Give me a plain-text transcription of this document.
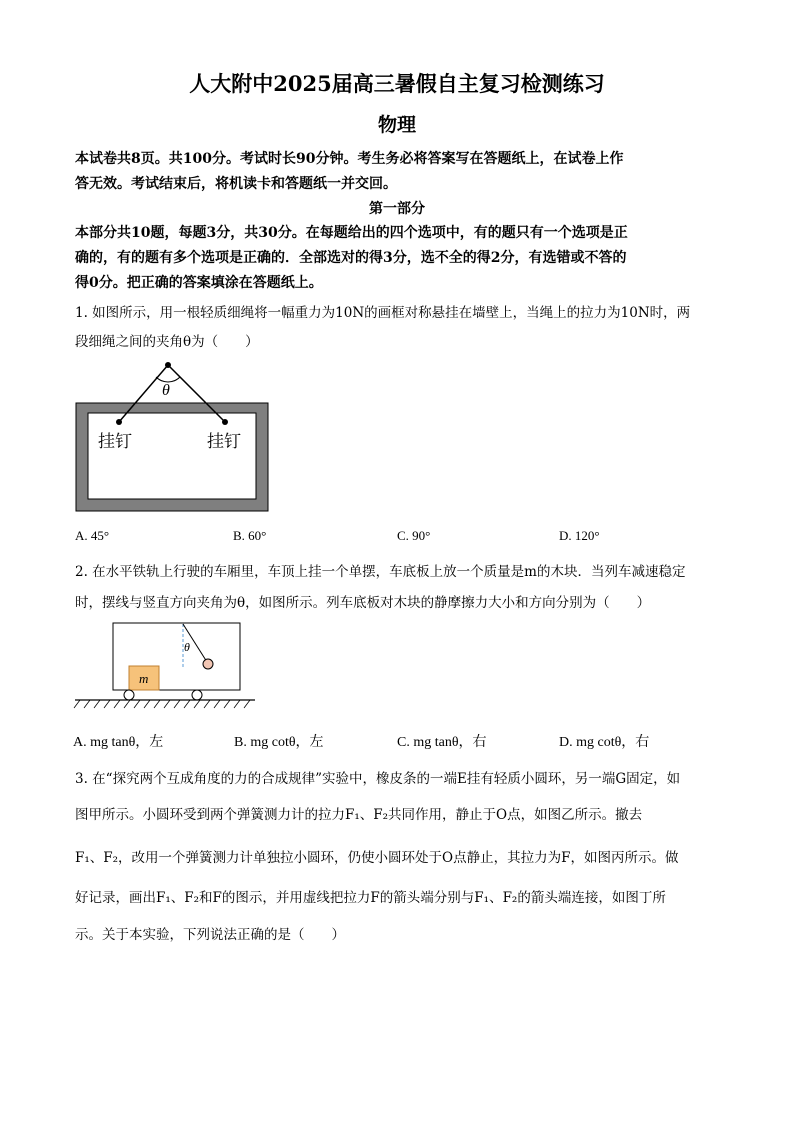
人大附中2025届高三暑假自主复习检测练习
物理
本试卷共8页。共100分。考试时长90分钟。考生务必将答案写在答题纸上，在试卷上作
答无效。考试结束后，将机读卡和答题纸一并交回。
第一部分
本部分共10题，每题3分，共30分。在每题给出的四个选项中，有的题只有一个选项是正
确的，有的题有多个选项是正确的．全部选对的得3分，选不全的得2分，有选错或不答的
得0分。把正确的答案填涂在答题纸上。
1. 如图所示，用一根轻质细绳将一幅重力为10N的画框对称悬挂在墙壁上，当绳上的拉力为10N时，两
段细绳之间的夹角θ为（　　）
θ
挂钉	挂钉
A. 45°	B. 60°	C. 90°	D. 120°
2. 在水平铁轨上行驶的车厢里，车顶上挂一个单摆，车底板上放一个质量是m的木块．当列车减速稳定
时，摆线与竖直方向夹角为θ，如图所示。列车底板对木块的静摩擦力大小和方向分别为（　　）
θ
m
A. mg tanθ，左	B. mg cotθ，左	C. mg tanθ，右	D. mg cotθ，右
3. 在“探究两个互成角度的力的合成规律”实验中，橡皮条的一端E挂有轻质小圆环，另一端G固定，如
图甲所示。小圆环受到两个弹簧测力计的拉力F₁、F₂共同作用，静止于O点，如图乙所示。撤去
F₁、F₂，改用一个弹簧测力计单独拉小圆环，仍使小圆环处于O点静止，其拉力为F，如图丙所示。做
好记录，画出F₁、F₂和F的图示，并用虚线把拉力F的箭头端分别与F₁、F₂的箭头端连接，如图丁所
示。关于本实验，下列说法正确的是（　　）
